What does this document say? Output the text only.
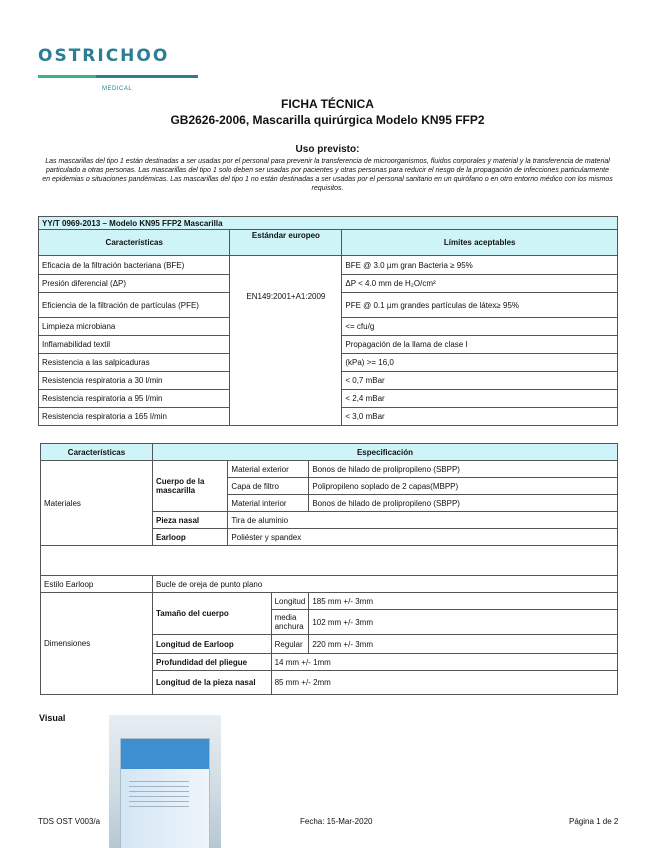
OSTRICHOO
MEDICAL
FICHA TÉCNICA
GB2626-2006, Mascarilla quirúrgica Modelo KN95 FFP2
Uso previsto:
Las mascarillas del tipo 1 están destinadas a ser usadas por el personal para prevenir la transferencia de microorganismos, fluidos corporales y material y la transferencia de material particulado a otras personas. Las mascarillas del tipo 1 solo deben ser usadas por pacientes y otras personas para reducir el riesgo de la propagación de infecciones particularmente en epidemias o situaciones pandémicas. Las mascarillas del tipo 1 no están destinadas a ser usadas por el personal sanitario en un quirófano o en otro entorno médico con los mismos requisitos.
YY/T 0969-2013 – Modelo KN95 FFP2 Mascarilla		
Características	Estándar europeo	Límites aceptables
Eficacia de la filtración bacteriana (BFE)	EN149:2001+A1:2009	BFE @ 3.0 µm gran Bacteria ≥ 95%
Presión diferencial (ΔP)		ΔP < 4.0 mm de H₂O/cm²
Eficiencia de la filtración de partículas (PFE)		PFE @ 0.1 µm grandes partículas de látex≥ 95%
Limpieza microbiana		<= cfu/g
Inflamabilidad textil		Propagación de la llama de clase I
Resistencia a las salpicaduras		(kPa) >= 16,0
Resistencia respiratoria a 30 l/min		< 0,7 mBar
Resistencia respiratoria a 95 l/min		< 2,4 mBar
Resistencia respiratoria a 165 l/min		< 3,0 mBar
Características	Especificación			
Materiales	Cuerpo de la mascarilla	Material exterior		Bonos de hilado de prolipropileno (SBPP)
		Capa de filtro		Polipropileno soplado de 2 capas(MBPP)
		Material interior		Bonos de hilado de prolipropileno (SBPP)
	Pieza nasal	Tira de aluminio		
	Earloop	Poliéster y spandex		

Estilo Earloop	Bucle de oreja de punto plano			
Dimensiones	Tamaño del cuerpo		Longitud	185 mm +/- 3mm
			media anchura	102 mm +/- 3mm
	Longitud de Earloop		Regular	220 mm +/- 3mm
	Profundidad del pliegue		14 mm +/- 1mm	
	Longitud de la pieza nasal		85 mm +/- 2mm	
Visual
TDS OST V003/a	Fecha: 15-Mar-2020	Página 1 de 2
